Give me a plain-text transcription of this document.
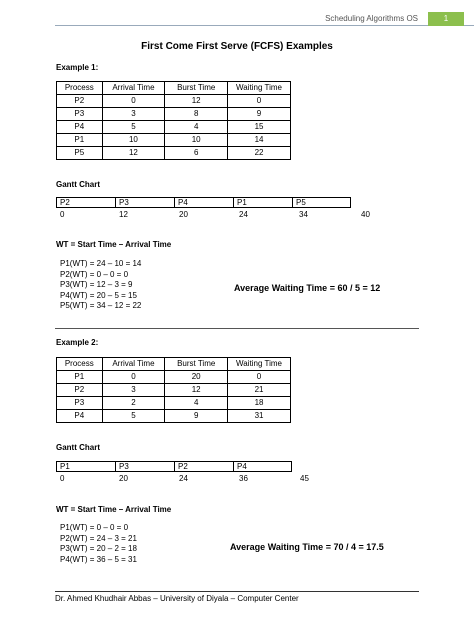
Scheduling Algorithms OS	1
First Come First Serve (FCFS) Examples
Example 1:
Process	Arrival Time	Burst Time	Waiting Time
P2	0	12	0
P3	3	8	9
P4	5	4	15
P1	10	10	14
P5	12	6	22
Gantt Chart
P2	P3	P4	P1	P5
0	12	20	24	34	40
WT = Start Time – Arrival Time
P1(WT) = 24 – 10 = 14
P2(WT) = 0 – 0 = 0
P3(WT) = 12 – 3 = 9
P4(WT) = 20 – 5 = 15
P5(WT) = 34 – 12 = 22
Average Waiting Time = 60 / 5 = 12
Example 2:
Process	Arrival Time	Burst Time	Waiting Time
P1	0	20	0
P2	3	12	21
P3	2	4	18
P4	5	9	31
Gantt Chart
P1	P3	P2	P4
0	20	24	36	45
WT = Start Time – Arrival Time
P1(WT) = 0 – 0 = 0
P2(WT) = 24 – 3 = 21
P3(WT) = 20 – 2 = 18
P4(WT) = 36 – 5 = 31
Average Waiting Time = 70 / 4 = 17.5
Dr. Ahmed Khudhair Abbas – University of Diyala – Computer Center
